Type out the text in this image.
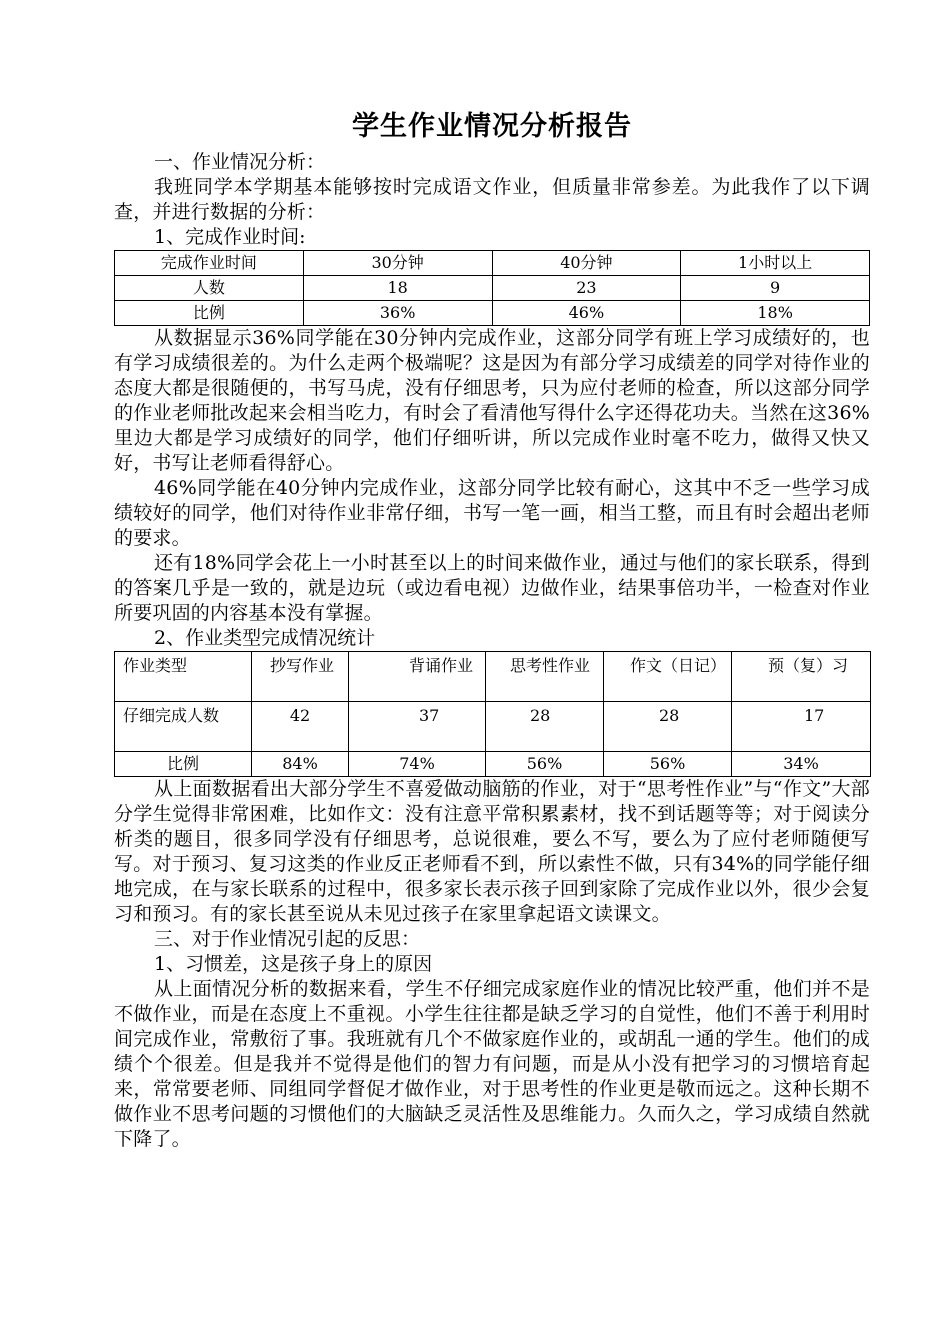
学生作业情况分析报告

一、作业情况分析：

我班同学本学期基本能够按时完成语文作业，但质量非常参差。为此我作了以下调查，并进行数据的分析：

1、完成作业时间:

完成作业时间	30分钟	40分钟	1小时以上
人数	18	23	9
比例	36%	46%	18%

从数据显示36%同学能在30分钟内完成作业，这部分同学有班上学习成绩好的，也有学习成绩很差的。为什么走两个极端呢？这是因为有部分学习成绩差的同学对待作业的态度大都是很随便的，书写马虎，没有仔细思考，只为应付老师的检查，所以这部分同学的作业老师批改起来会相当吃力，有时会了看清他写得什么字还得花功夫。当然在这36%里边大都是学习成绩好的同学，他们仔细听讲，所以完成作业时毫不吃力，做得又快又好，书写让老师看得舒心。

46%同学能在40分钟内完成作业，这部分同学比较有耐心，这其中不乏一些学习成绩较好的同学，他们对待作业非常仔细，书写一笔一画，相当工整，而且有时会超出老师的要求。

还有18%同学会花上一小时甚至以上的时间来做作业，通过与他们的家长联系，得到的答案几乎是一致的，就是边玩（或边看电视）边做作业，结果事倍功半，一检查对作业所要巩固的内容基本没有掌握。

2、作业类型完成情况统计

作业类型	抄写作业	背诵作业	思考性作业	作文（日记）	预（复）习
仔细完成人数	42	37	28	28	17
比例	84%	74%	56%	56%	34%

从上面数据看出大部分学生不喜爱做动脑筋的作业，对于“思考性作业”与“作文”大部分学生觉得非常困难，比如作文：没有注意平常积累素材，找不到话题等等；对于阅读分析类的题目，很多同学没有仔细思考，总说很难，要么不写，要么为了应付老师随便写写。对于预习、复习这类的作业反正老师看不到，所以索性不做，只有34%的同学能仔细地完成，在与家长联系的过程中，很多家长表示孩子回到家除了完成作业以外，很少会复习和预习。有的家长甚至说从未见过孩子在家里拿起语文读课文。

三、对于作业情况引起的反思：

1、习惯差，这是孩子身上的原因

从上面情况分析的数据来看，学生不仔细完成家庭作业的情况比较严重，他们并不是不做作业，而是在态度上不重视。小学生往往都是缺乏学习的自觉性，他们不善于利用时间完成作业，常敷衍了事。我班就有几个不做家庭作业的，或胡乱一通的学生。他们的成绩个个很差。但是我并不觉得是他们的智力有问题，而是从小没有把学习的习惯培育起来，常常要老师、同组同学督促才做作业，对于思考性的作业更是敬而远之。这种长期不做作业不思考问题的习惯他们的大脑缺乏灵活性及思维能力。久而久之，学习成绩自然就下降了。
